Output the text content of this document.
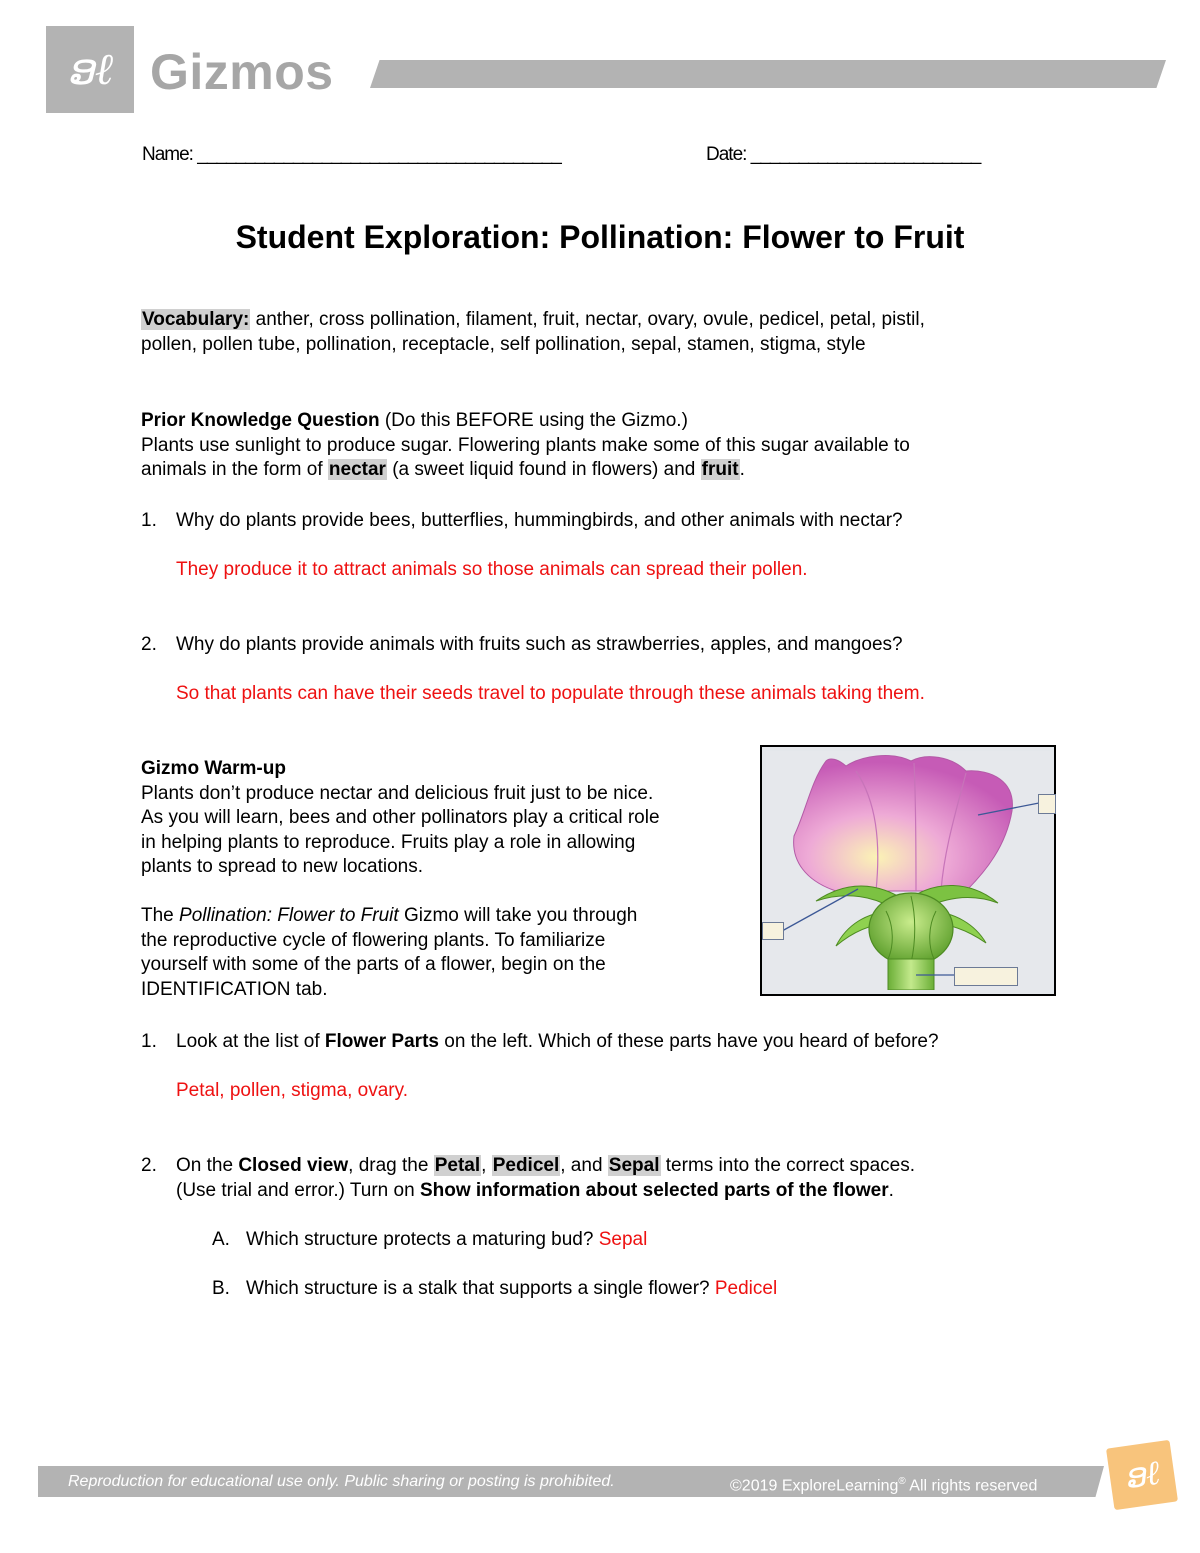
ອℓ Gizmos
Name: ______________________________________	Date: ________________________
Student Exploration: Pollination: Flower to Fruit
Vocabulary: anther, cross pollination, filament, fruit, nectar, ovary, ovule, pedicel, petal, pistil,
pollen, pollen tube, pollination, receptacle, self pollination, sepal, stamen, stigma, style
Prior Knowledge Question (Do this BEFORE using the Gizmo.)
Plants use sunlight to produce sugar. Flowering plants make some of this sugar available to
animals in the form of nectar (a sweet liquid found in flowers) and fruit.
1. Why do plants provide bees, butterflies, hummingbirds, and other animals with nectar?
They produce it to attract animals so those animals can spread their pollen.
2. Why do plants provide animals with fruits such as strawberries, apples, and mangoes?
So that plants can have their seeds travel to populate through these animals taking them.
Gizmo Warm-up
Plants don’t produce nectar and delicious fruit just to be nice.
As you will learn, bees and other pollinators play a critical role
in helping plants to reproduce. Fruits play a role in allowing
plants to spread to new locations.
The Pollination: Flower to Fruit Gizmo will take you through
the reproductive cycle of flowering plants. To familiarize
yourself with some of the parts of a flower, begin on the
IDENTIFICATION tab.
1. Look at the list of Flower Parts on the left. Which of these parts have you heard of before?
Petal, pollen, stigma, ovary.
2. On the Closed view, drag the Petal, Pedicel, and Sepal terms into the correct spaces.
(Use trial and error.) Turn on Show information about selected parts of the flower.
A. Which structure protects a maturing bud? Sepal
B. Which structure is a stalk that supports a single flower? Pedicel
Reproduction for educational use only. Public sharing or posting is prohibited.	©2019 ExploreLearning® All rights reserved	ອℓ
